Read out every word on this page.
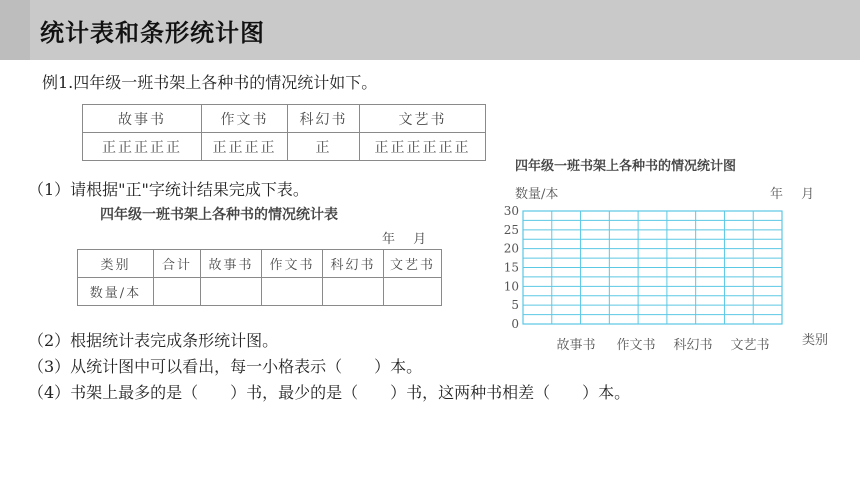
统计表和条形统计图
例1.四年级一班书架上各种书的情况统计如下。
故事书	作文书	科幻书	文艺书
正正正正正	正正正正	正	正正正正正正
（1）请根据"正"字统计结果完成下表。
四年级一班书架上各种书的情况统计表
年 月
类别	合计	故事书	作文书	科幻书	文艺书
数量/本					
（2）根据统计表完成条形统计图。
（3）从统计图中可以看出，每一小格表示（　　）本。
（4）书架上最多的是（　　）书，最少的是（　　）书，这两种书相差（　　）本。
四年级一班书架上各种书的情况统计图
0
5
10
15
20
25
30
数量/本	年 月
故事书 作文书 科幻书 文艺书 类别
